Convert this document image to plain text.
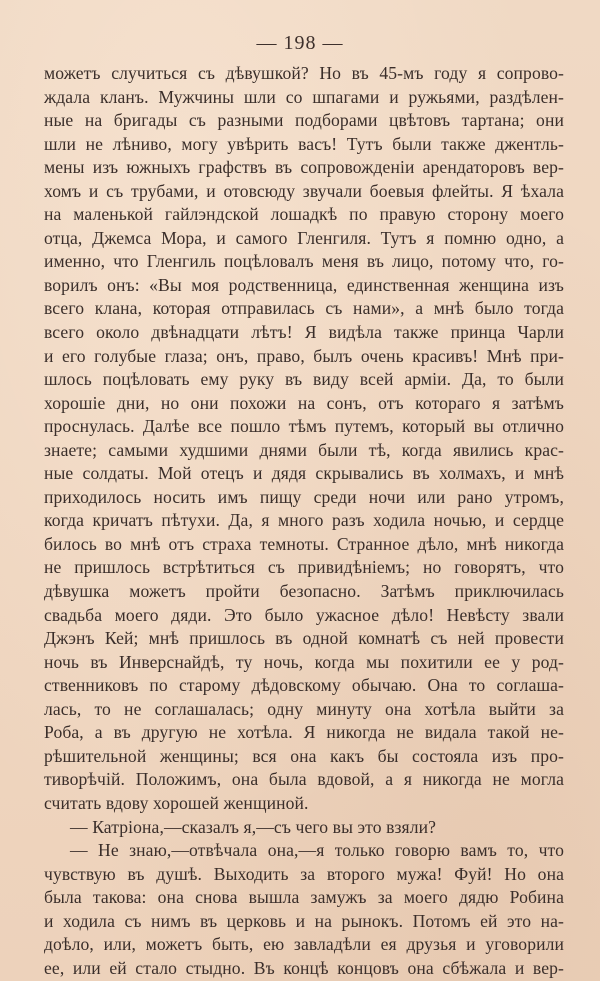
— 198 —
можетъ случиться съ дѣвушкой? Но въ 45-мъ году я сопрово-
ждала кланъ. Мужчины шли со шпагами и ружьями, раздѣлен-
ные на бригады съ разными подборами цвѣтовъ тартана; они
шли не лѣниво, могу увѣрить васъ! Тутъ были также джентль-
мены изъ южныхъ графствъ въ сопровожденіи арендаторовъ вер-
хомъ и съ трубами, и отовсюду звучали боевыя флейты. Я ѣхала
на маленькой гайлэндской лошадкѣ по правую сторону моего
отца, Джемса Мора, и самого Гленгиля. Тутъ я помню одно, а
именно, что Гленгиль поцѣловалъ меня въ лицо, потому что, го-
ворилъ онъ: «Вы моя родственница, единственная женщина изъ
всего клана, которая отправилась съ нами», а мнѣ было тогда
всего около двѣнадцати лѣтъ! Я видѣла также принца Чарли
и его голубые глаза; онъ, право, былъ очень красивъ! Мнѣ при-
шлось поцѣловать ему руку въ виду всей арміи. Да, то были
хорошіе дни, но они похожи на сонъ, отъ котораго я затѣмъ
проснулась. Далѣе все пошло тѣмъ путемъ, который вы отлично
знаете; самыми худшими днями были тѣ, когда явились крас-
ные солдаты. Мой отецъ и дядя скрывались въ холмахъ, и мнѣ
приходилось носить имъ пищу среди ночи или рано утромъ,
когда кричатъ пѣтухи. Да, я много разъ ходила ночью, и сердце
билось во мнѣ отъ страха темноты. Странное дѣло, мнѣ никогда
не пришлось встрѣтиться съ привидѣніемъ; но говорятъ, что
дѣвушка можетъ пройти безопасно. Затѣмъ приключилась
свадьба моего дяди. Это было ужасное дѣло! Невѣсту звали
Джэнъ Кей; мнѣ пришлось въ одной комнатѣ съ ней провести
ночь въ Инверснайдѣ, ту ночь, когда мы похитили ее у род-
ственниковъ по старому дѣдовскому обычаю. Она то соглаша-
лась, то не соглашалась; одну минуту она хотѣла выйти за
Роба, а въ другую не хотѣла. Я никогда не видала такой не-
рѣшительной женщины; вся она какъ бы состояла изъ про-
тиворѣчій. Положимъ, она была вдовой, а я никогда не могла
считать вдову хорошей женщиной.
— Катріона,—сказалъ я,—съ чего вы это взяли?
— Не знаю,—отвѣчала она,—я только говорю вамъ то, что
чувствую въ душѣ. Выходить за второго мужа! Фуй! Но она
была такова: она снова вышла замужъ за моего дядю Робина
и ходила съ нимъ въ церковь и на рынокъ. Потомъ ей это на-
доѣло, или, можетъ быть, ею завладѣли ея друзья и уговорили
ее, или ей стало стыдно. Въ концѣ концовъ она сбѣжала и вер-
